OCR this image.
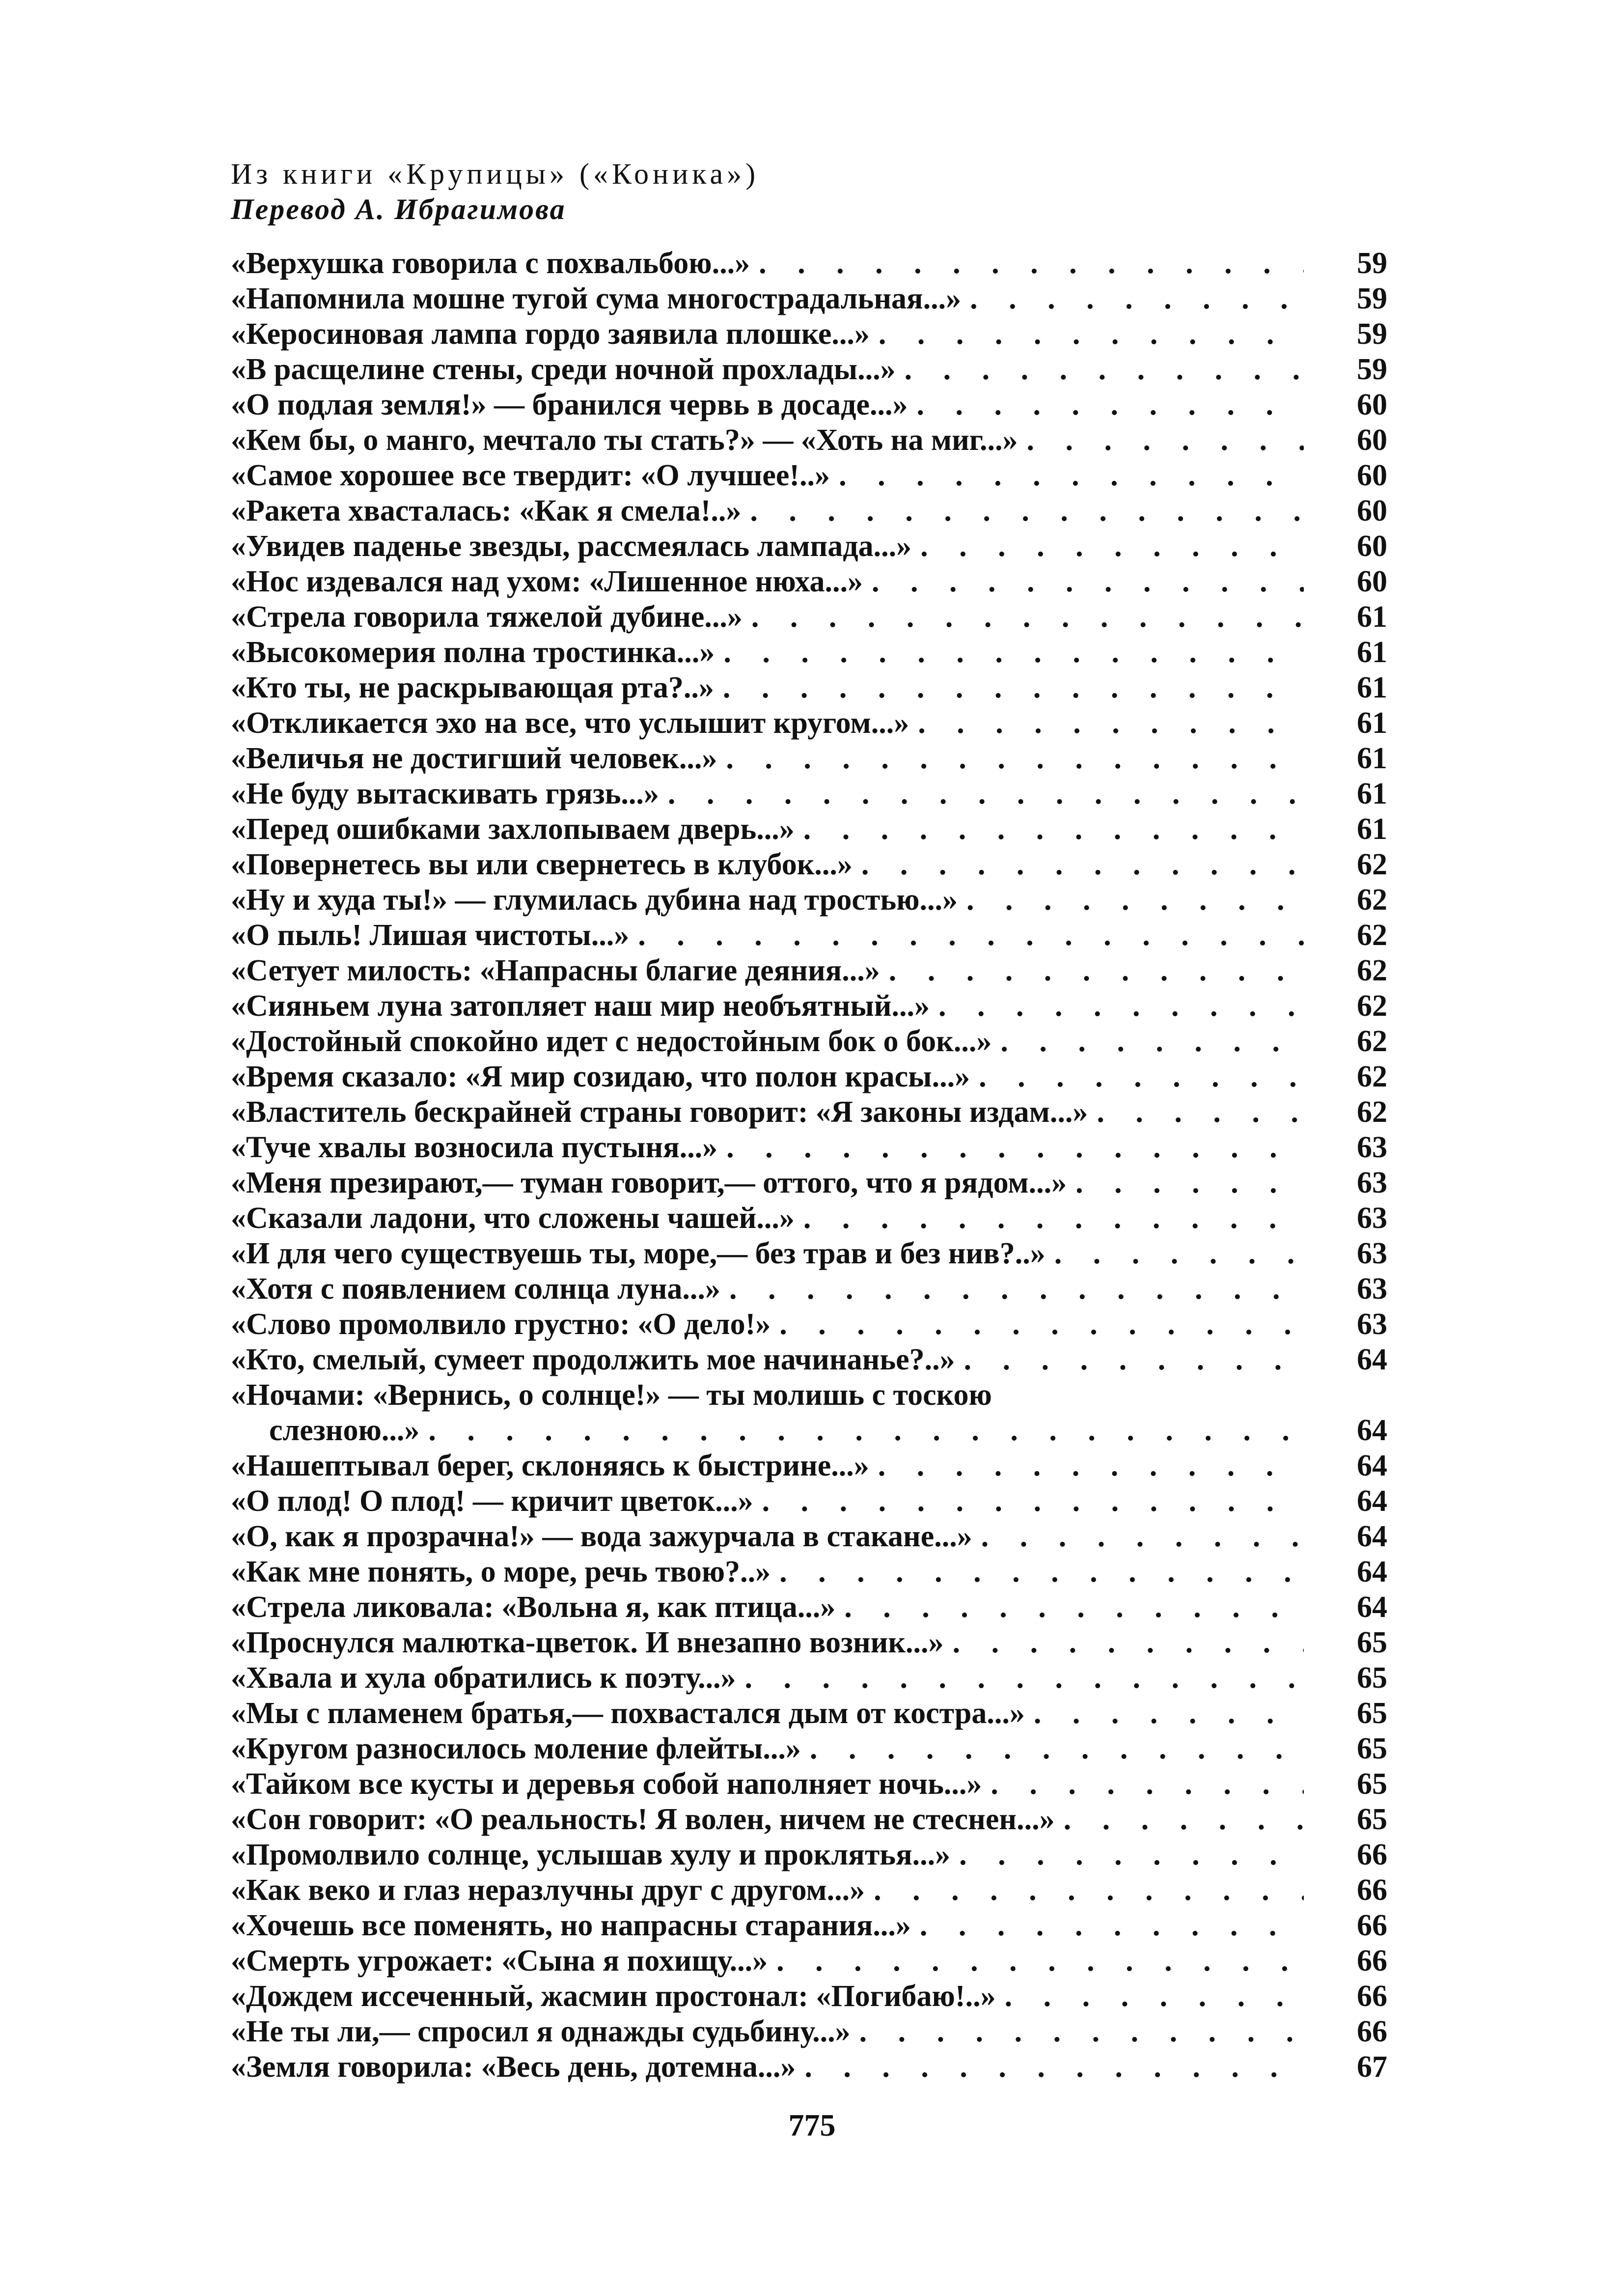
Из книги «Крупицы» («Коника»)
Перевод А. Ибрагимова
«Верхушка говорила с похвальбою...» . . .	59
«Напомнила мошне тугой сума многострадальная...» . . .	59
«Керосиновая лампа гордо заявила плошке...» . . .	59
«В расщелине стены, среди ночной прохлады...» . . .	59
«О подлая земля!» — бранился червь в досаде...» . . .	60
«Кем бы, о манго, мечтало ты стать?» — «Хоть на миг...» . . .	60
«Самое хорошее все твердит: «О лучшее!..» . . .	60
«Ракета хвасталась: «Как я смела!..» . . .	60
«Увидев паденье звезды, рассмеялась лампада...» . . .	60
«Нос издевался над ухом: «Лишенное нюха...» . . .	60
«Стрела говорила тяжелой дубине...» . . .	61
«Высокомерия полна тростинка...» . . .	61
«Кто ты, не раскрывающая рта?..» . . .	61
«Откликается эхо на все, что услышит кругом...» . . .	61
«Величья не достигший человек...» . . .	61
«Не буду вытаскивать грязь...» . . .	61
«Перед ошибками захлопываем дверь...» . . .	61
«Повернетесь вы или свернетесь в клубок...» . . .	62
«Ну и худа ты!» — глумилась дубина над тростью...» . . .	62
«О пыль! Лишая чистоты...» . . .	62
«Сетует милость: «Напрасны благие деяния...» . . .	62
«Сияньем луна затопляет наш мир необъятный...» . . .	62
«Достойный спокойно идет с недостойным бок о бок...» . . .	62
«Время сказало: «Я мир созидаю, что полон красы...» . . .	62
«Властитель бескрайней страны говорит: «Я законы издам...» . . .	62
«Туче хвалы возносила пустыня...» . . .	63
«Меня презирают,— туман говорит,— оттого, что я рядом...» . . .	63
«Сказали ладони, что сложены чашей...» . . .	63
«И для чего существуешь ты, море,— без трав и без нив?..» . . .	63
«Хотя с появлением солнца луна...» . . .	63
«Слово промолвило грустно: «О дело!» . . .	63
«Кто, смелый, сумеет продолжить мое начинанье?..» . . .	64
«Ночами: «Вернись, о солнце!» — ты молишь с тоскою
слезною...» . . .	64
«Нашептывал берег, склоняясь к быстрине...» . . .	64
«О плод! О плод! — кричит цветок...» . . .	64
«О, как я прозрачна!» — вода зажурчала в стакане...» . . .	64
«Как мне понять, о море, речь твою?..» . . .	64
«Стрела ликовала: «Вольна я, как птица...» . . .	64
«Проснулся малютка-цветок. И внезапно возник...» . . .	65
«Хвала и хула обратились к поэту...» . . .	65
«Мы с пламенем братья,— похвастался дым от костра...» . . .	65
«Кругом разносилось моление флейты...» . . .	65
«Тайком все кусты и деревья собой наполняет ночь...» . . .	65
«Сон говорит: «О реальность! Я волен, ничем не стеснен...» . . .	65
«Промолвило солнце, услышав хулу и проклятья...» . . .	66
«Как веко и глаз неразлучны друг с другом...» . . .	66
«Хочешь все поменять, но напрасны старания...» . . .	66
«Смерть угрожает: «Сына я похищу...» . . .	66
«Дождем иссеченный, жасмин простонал: «Погибаю!..» . . .	66
«Не ты ли,— спросил я однажды судьбину...» . . .	66
«Земля говорила: «Весь день, дотемна...» . . .	67
775
